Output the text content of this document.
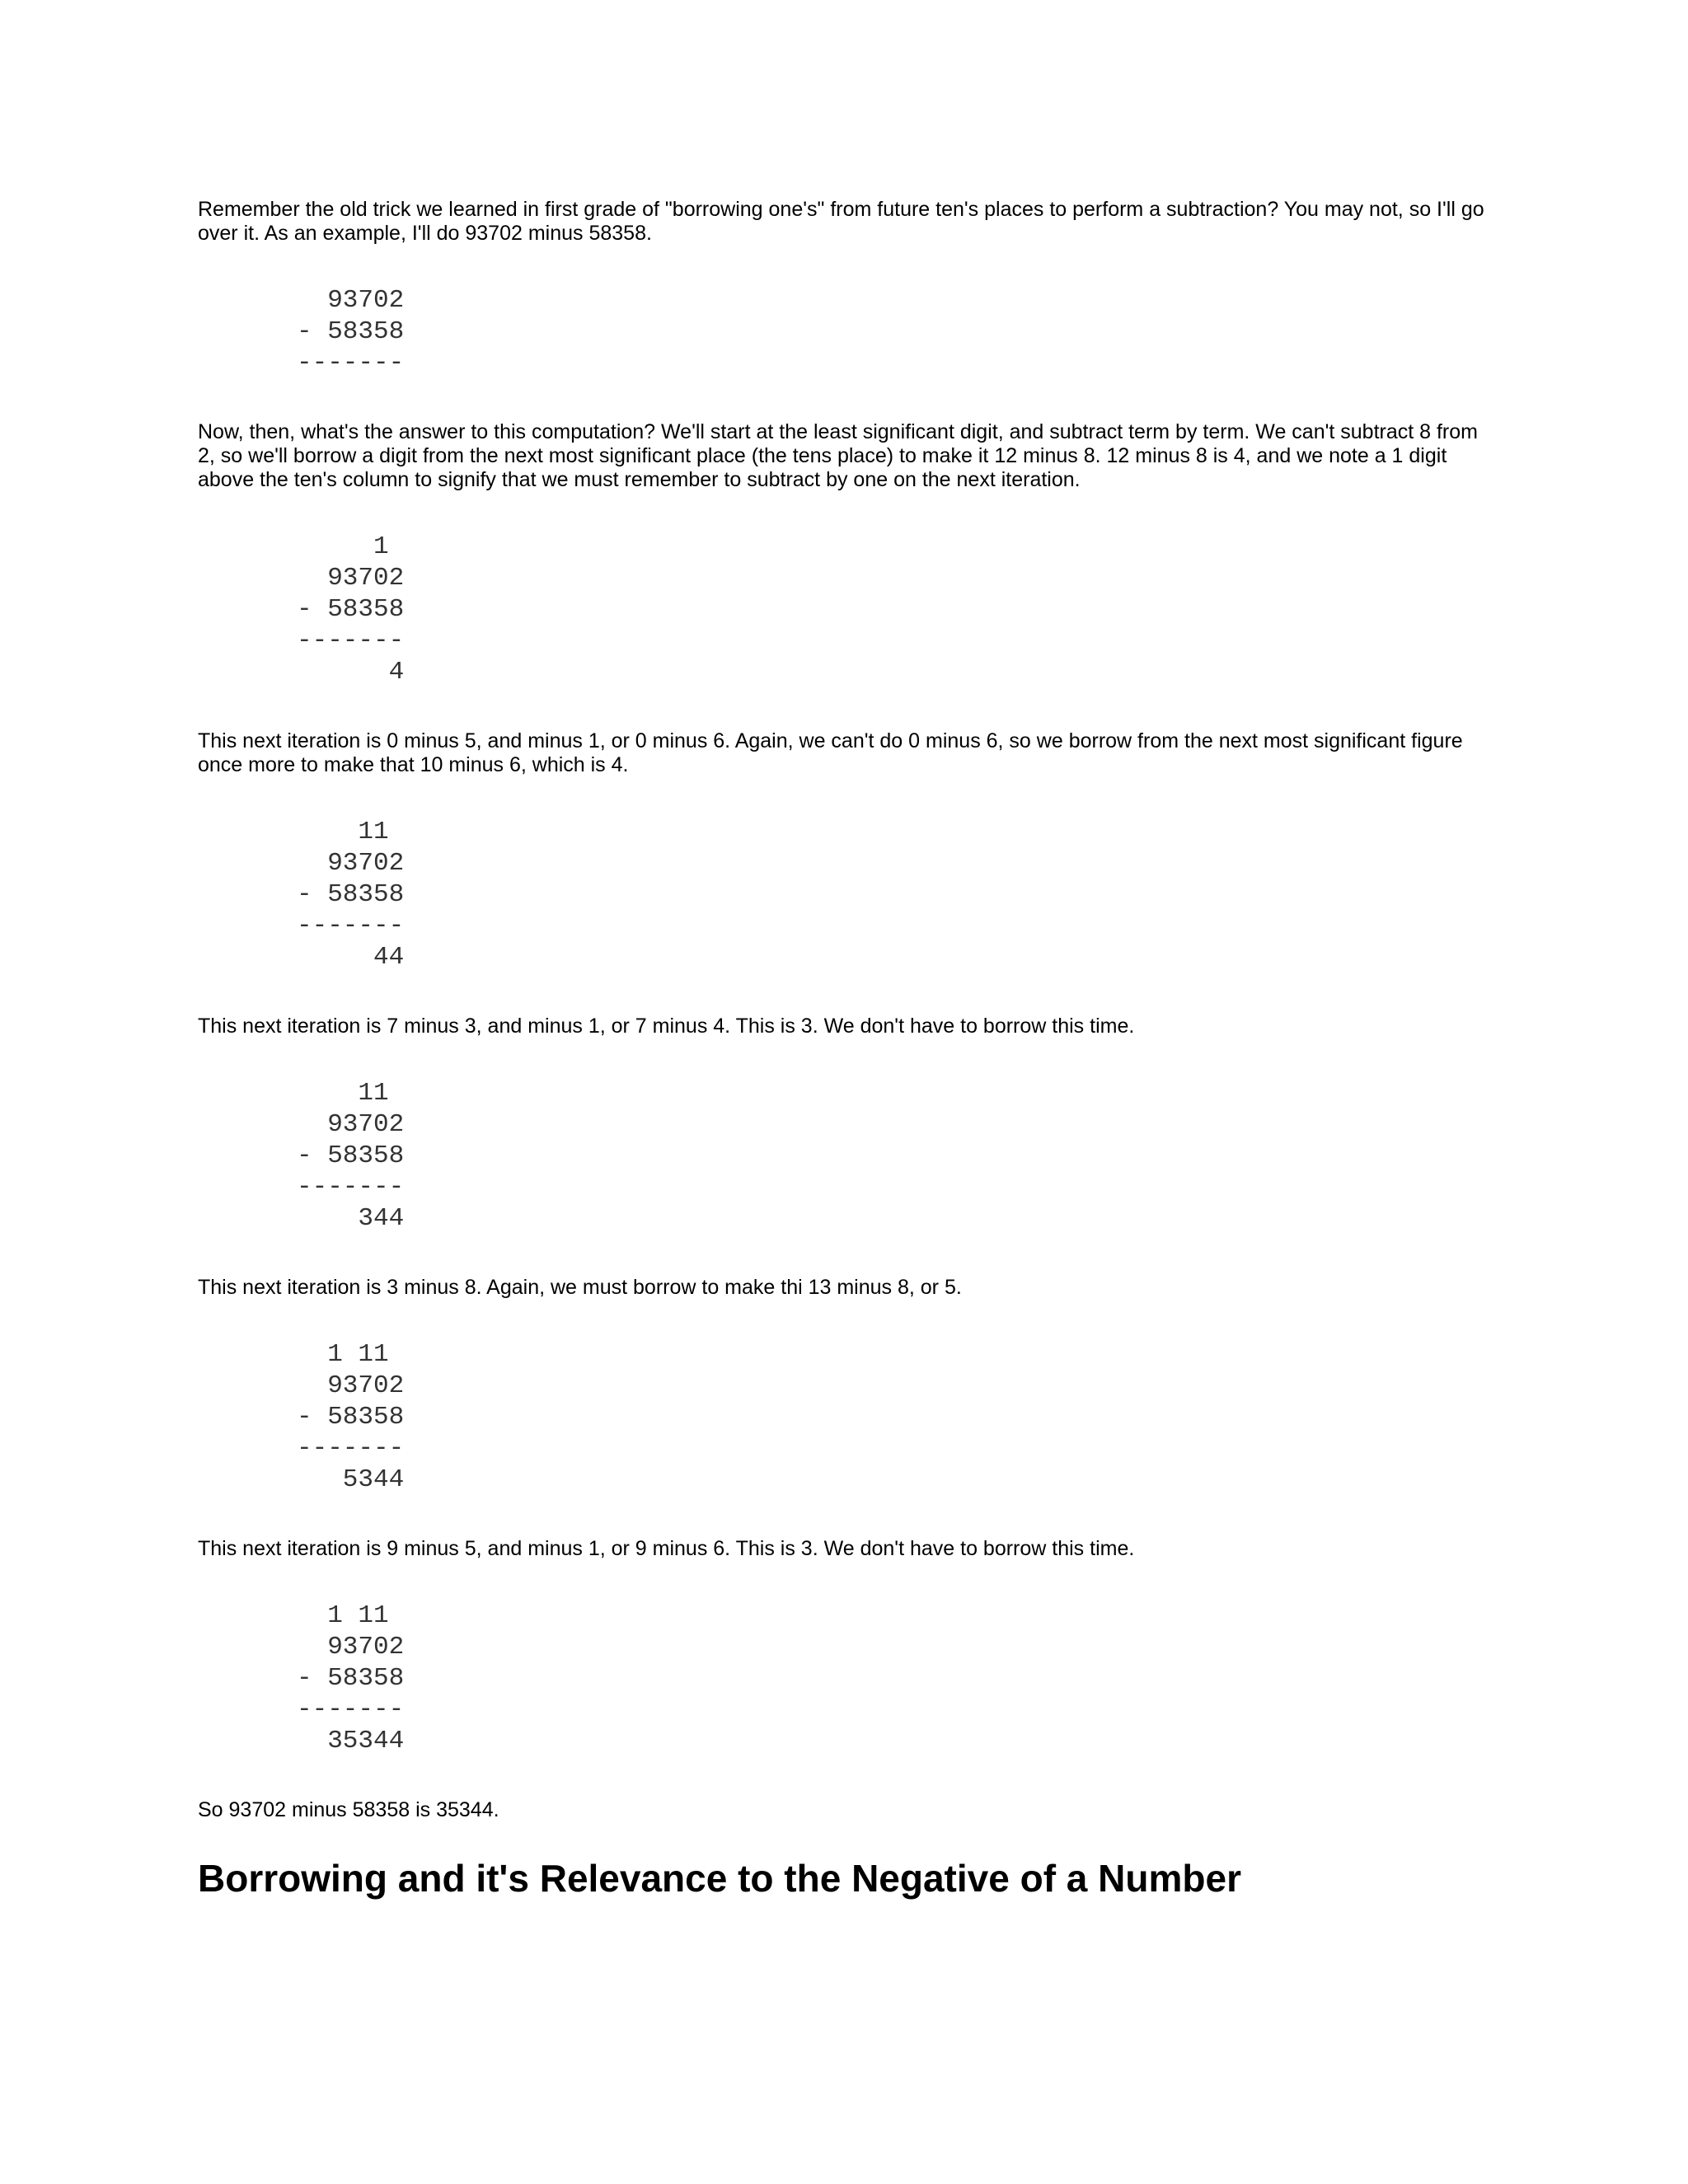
Remember the old trick we learned in first grade of "borrowing one's" from future ten's places to perform a subtraction? You may not, so I'll go over it. As an example, I'll do 93702 minus 58358.

93702
- 58358
-------

Now, then, what's the answer to this computation? We'll start at the least significant digit, and subtract term by term. We can't subtract 8 from 2, so we'll borrow a digit from the next most significant place (the tens place) to make it 12 minus 8. 12 minus 8 is 4, and we note a 1 digit above the ten's column to signify that we must remember to subtract by one on the next iteration.

1
93702
- 58358
-------
4

This next iteration is 0 minus 5, and minus 1, or 0 minus 6. Again, we can't do 0 minus 6, so we borrow from the next most significant figure once more to make that 10 minus 6, which is 4.

11
93702
- 58358
-------
44

This next iteration is 7 minus 3, and minus 1, or 7 minus 4. This is 3. We don't have to borrow this time.

11
93702
- 58358
-------
344

This next iteration is 3 minus 8. Again, we must borrow to make thi 13 minus 8, or 5.

1 11
93702
- 58358
-------
5344

This next iteration is 9 minus 5, and minus 1, or 9 minus 6. This is 3. We don't have to borrow this time.

1 11
93702
- 58358
-------
35344

So 93702 minus 58358 is 35344.

Borrowing and it's Relevance to the Negative of a Number
